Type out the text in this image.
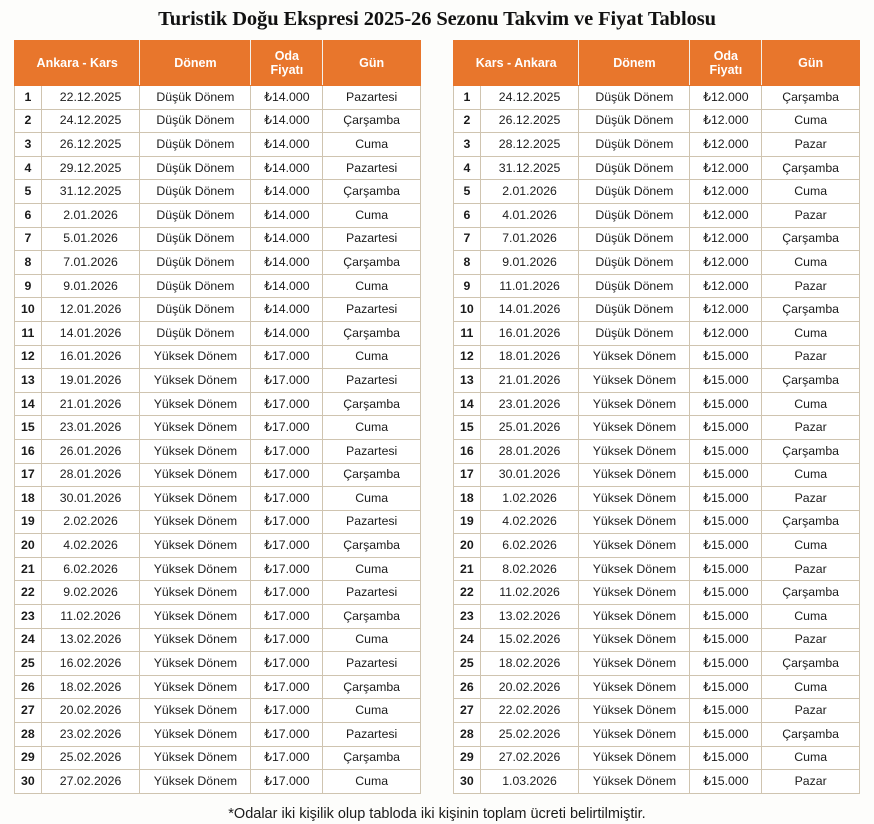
Turistik Doğu Ekspresi 2025-26 Sezonu Takvim ve Fiyat Tablosu
Ankara - Kars		Dönem	Oda
Fiyatı	Gün
1	22.12.2025	Düşük Dönem	₺14.000	Pazartesi
2	24.12.2025	Düşük Dönem	₺14.000	Çarşamba
3	26.12.2025	Düşük Dönem	₺14.000	Cuma
4	29.12.2025	Düşük Dönem	₺14.000	Pazartesi
5	31.12.2025	Düşük Dönem	₺14.000	Çarşamba
6	2.01.2026	Düşük Dönem	₺14.000	Cuma
7	5.01.2026	Düşük Dönem	₺14.000	Pazartesi
8	7.01.2026	Düşük Dönem	₺14.000	Çarşamba
9	9.01.2026	Düşük Dönem	₺14.000	Cuma
10	12.01.2026	Düşük Dönem	₺14.000	Pazartesi
11	14.01.2026	Düşük Dönem	₺14.000	Çarşamba
12	16.01.2026	Yüksek Dönem	₺17.000	Cuma
13	19.01.2026	Yüksek Dönem	₺17.000	Pazartesi
14	21.01.2026	Yüksek Dönem	₺17.000	Çarşamba
15	23.01.2026	Yüksek Dönem	₺17.000	Cuma
16	26.01.2026	Yüksek Dönem	₺17.000	Pazartesi
17	28.01.2026	Yüksek Dönem	₺17.000	Çarşamba
18	30.01.2026	Yüksek Dönem	₺17.000	Cuma
19	2.02.2026	Yüksek Dönem	₺17.000	Pazartesi
20	4.02.2026	Yüksek Dönem	₺17.000	Çarşamba
21	6.02.2026	Yüksek Dönem	₺17.000	Cuma
22	9.02.2026	Yüksek Dönem	₺17.000	Pazartesi
23	11.02.2026	Yüksek Dönem	₺17.000	Çarşamba
24	13.02.2026	Yüksek Dönem	₺17.000	Cuma
25	16.02.2026	Yüksek Dönem	₺17.000	Pazartesi
26	18.02.2026	Yüksek Dönem	₺17.000	Çarşamba
27	20.02.2026	Yüksek Dönem	₺17.000	Cuma
28	23.02.2026	Yüksek Dönem	₺17.000	Pazartesi
29	25.02.2026	Yüksek Dönem	₺17.000	Çarşamba
30	27.02.2026	Yüksek Dönem	₺17.000	Cuma
Kars - Ankara		Dönem	Oda
Fiyatı	Gün
1	24.12.2025	Düşük Dönem	₺12.000	Çarşamba
2	26.12.2025	Düşük Dönem	₺12.000	Cuma
3	28.12.2025	Düşük Dönem	₺12.000	Pazar
4	31.12.2025	Düşük Dönem	₺12.000	Çarşamba
5	2.01.2026	Düşük Dönem	₺12.000	Cuma
6	4.01.2026	Düşük Dönem	₺12.000	Pazar
7	7.01.2026	Düşük Dönem	₺12.000	Çarşamba
8	9.01.2026	Düşük Dönem	₺12.000	Cuma
9	11.01.2026	Düşük Dönem	₺12.000	Pazar
10	14.01.2026	Düşük Dönem	₺12.000	Çarşamba
11	16.01.2026	Düşük Dönem	₺12.000	Cuma
12	18.01.2026	Yüksek Dönem	₺15.000	Pazar
13	21.01.2026	Yüksek Dönem	₺15.000	Çarşamba
14	23.01.2026	Yüksek Dönem	₺15.000	Cuma
15	25.01.2026	Yüksek Dönem	₺15.000	Pazar
16	28.01.2026	Yüksek Dönem	₺15.000	Çarşamba
17	30.01.2026	Yüksek Dönem	₺15.000	Cuma
18	1.02.2026	Yüksek Dönem	₺15.000	Pazar
19	4.02.2026	Yüksek Dönem	₺15.000	Çarşamba
20	6.02.2026	Yüksek Dönem	₺15.000	Cuma
21	8.02.2026	Yüksek Dönem	₺15.000	Pazar
22	11.02.2026	Yüksek Dönem	₺15.000	Çarşamba
23	13.02.2026	Yüksek Dönem	₺15.000	Cuma
24	15.02.2026	Yüksek Dönem	₺15.000	Pazar
25	18.02.2026	Yüksek Dönem	₺15.000	Çarşamba
26	20.02.2026	Yüksek Dönem	₺15.000	Cuma
27	22.02.2026	Yüksek Dönem	₺15.000	Pazar
28	25.02.2026	Yüksek Dönem	₺15.000	Çarşamba
29	27.02.2026	Yüksek Dönem	₺15.000	Cuma
30	1.03.2026	Yüksek Dönem	₺15.000	Pazar
*Odalar iki kişilik olup tabloda iki kişinin toplam ücreti belirtilmiştir.
